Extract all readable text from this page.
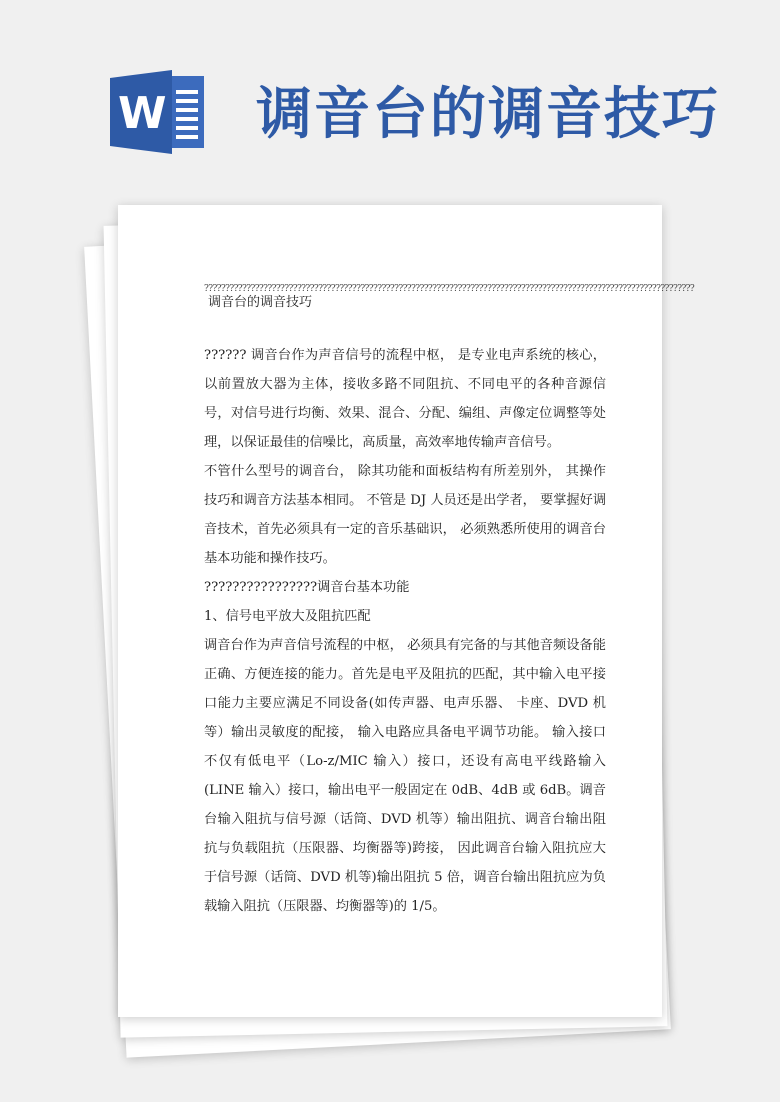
W 调音台的调音技巧
????????????????????????????????????????????????????????????????????????????????????????????????????????????????????调音台的调音技巧

?????? 调音台作为声音信号的流程中枢， 是专业电声系统的核心， 以前置放大器为主体，接收多路不同阻抗、不同电平的各种音源信号，对信号进行均衡、效果、混合、分配、编组、声像定位调整等处理，以保证最佳的信噪比，高质量，高效率地传输声音信号。

不管什么型号的调音台， 除其功能和面板结构有所差别外， 其操作技巧和调音方法基本相同。 不管是 DJ 人员还是出学者， 要掌握好调音技术，首先必须具有一定的音乐基础识， 必须熟悉所使用的调音台基本功能和操作技巧。

????????????????调音台基本功能

1、信号电平放大及阻抗匹配

调音台作为声音信号流程的中枢， 必须具有完备的与其他音频设备能正确、方便连接的能力。首先是电平及阻抗的匹配，其中输入电平接口能力主要应满足不同设备(如传声器、电声乐器、 卡座、DVD 机等）输出灵敏度的配接， 输入电路应具备电平调节功能。 输入接口不仅有低电平（Lo-z/MIC 输入）接口，还设有高电平线路输入(LINE 输入）接口，输出电平一般固定在 0dB、4dB 或 6dB。调音台输入阻抗与信号源（话筒、DVD 机等）输出阻抗、调音台输出阻抗与负载阻抗（压限器、均衡器等)跨接， 因此调音台输入阻抗应大于信号源（话筒、DVD 机等)输出阻抗 5 倍，调音台输出阻抗应为负载输入阻抗（压限器、均衡器等)的 1/5。
